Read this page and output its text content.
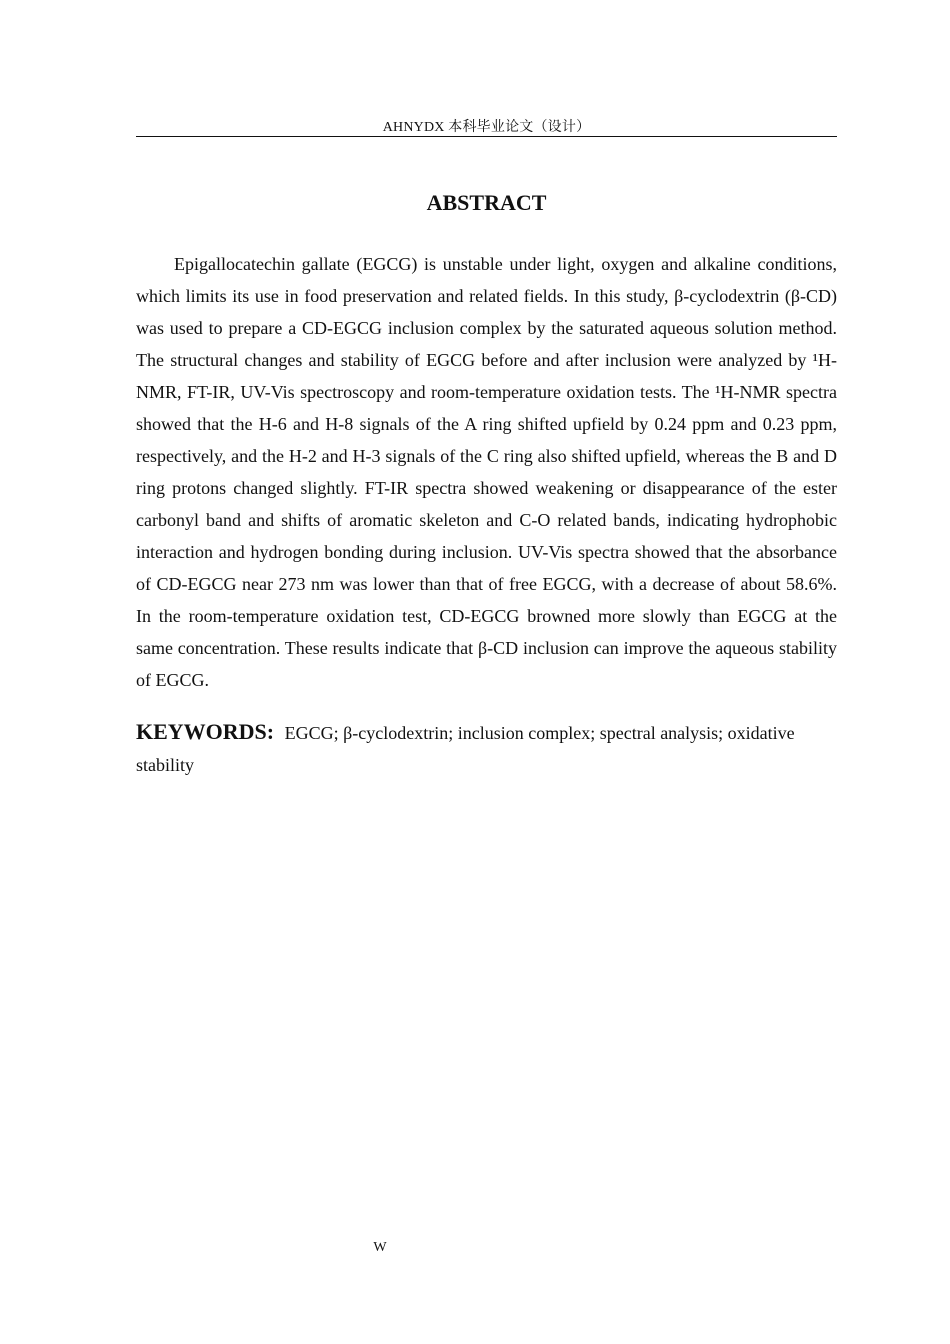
AHNYDX 本科毕业论文（设计）
ABSTRACT

Epigallocatechin gallate (EGCG) is unstable under light, oxygen and alkaline conditions, which limits its use in food preservation and related fields. In this study, β-cyclodextrin (β-CD) was used to prepare a CD-EGCG inclusion complex by the saturated aqueous solution method. The structural changes and stability of EGCG before and after inclusion were analyzed by ¹H-NMR, FT-IR, UV-Vis spectroscopy and room-temperature oxidation tests. The ¹H-NMR spectra showed that the H-6 and H-8 signals of the A ring shifted upfield by 0.24 ppm and 0.23 ppm, respectively, and the H-2 and H-3 signals of the C ring also shifted upfield, whereas the B and D ring protons changed slightly. FT-IR spectra showed weakening or disappearance of the ester carbonyl band and shifts of aromatic skeleton and C-O related bands, indicating hydrophobic interaction and hydrogen bonding during inclusion. UV-Vis spectra showed that the absorbance of CD-EGCG near 273 nm was lower than that of free EGCG, with a decrease of about 58.6%. In the room-temperature oxidation test, CD-EGCG browned more slowly than EGCG at the same concentration. These results indicate that β-CD inclusion can improve the aqueous stability of EGCG.

KEYWORDS: EGCG; β-cyclodextrin; inclusion complex; spectral analysis; oxidative stability

W
